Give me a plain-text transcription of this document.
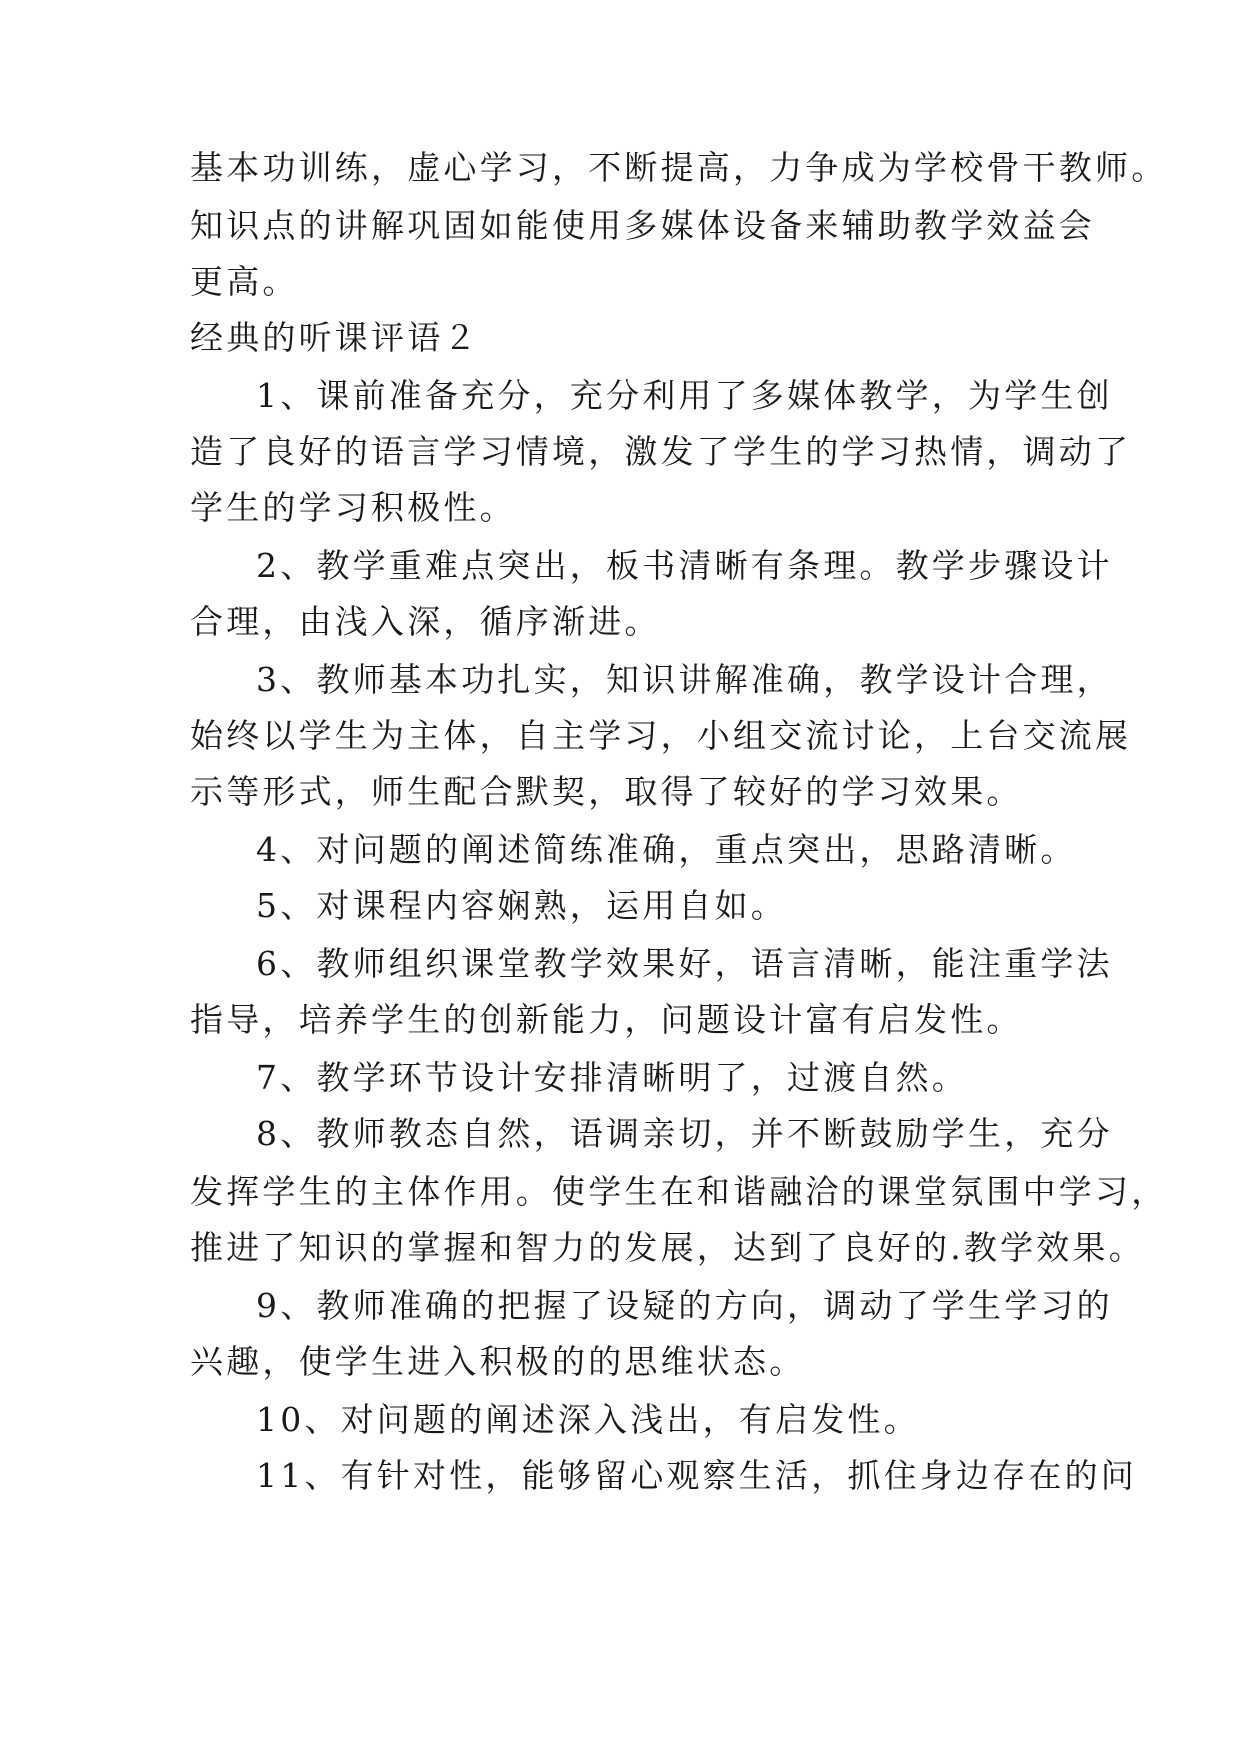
基本功训练，虚心学习，不断提高，力争成为学校骨干教师。
知识点的讲解巩固如能使用多媒体设备来辅助教学效益会
更高。
经典的听课评语２
1、课前准备充分，充分利用了多媒体教学，为学生创
造了良好的语言学习情境，激发了学生的学习热情，调动了
学生的学习积极性。
2、教学重难点突出，板书清晰有条理。教学步骤设计
合理，由浅入深，循序渐进。
3、教师基本功扎实，知识讲解准确，教学设计合理，
始终以学生为主体，自主学习，小组交流讨论，上台交流展
示等形式，师生配合默契，取得了较好的学习效果。
4、对问题的阐述简练准确，重点突出，思路清晰。
5、对课程内容娴熟，运用自如。
6、教师组织课堂教学效果好，语言清晰，能注重学法
指导，培养学生的创新能力，问题设计富有启发性。
7、教学环节设计安排清晰明了，过渡自然。
8、教师教态自然，语调亲切，并不断鼓励学生，充分
发挥学生的主体作用。使学生在和谐融洽的课堂氛围中学习，
推进了知识的掌握和智力的发展，达到了良好的.教学效果。
9、教师准确的把握了设疑的方向，调动了学生学习的
兴趣，使学生进入积极的的思维状态。
10、对问题的阐述深入浅出，有启发性。
11、有针对性，能够留心观察生活，抓住身边存在的问
